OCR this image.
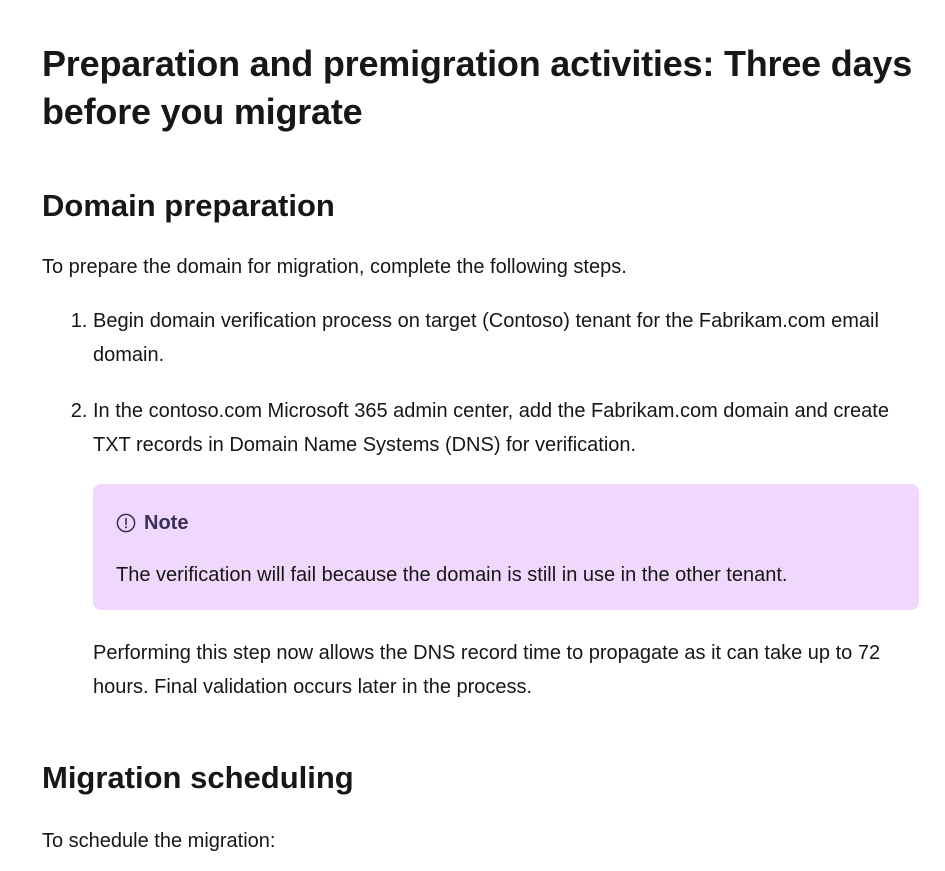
Preparation and premigration activities: Three days before you migrate
Domain preparation

To prepare the domain for migration, complete the following steps.

1. Begin domain verification process on target (Contoso) tenant for the Fabrikam.com email domain.
2. In the contoso.com Microsoft 365 admin center, add the Fabrikam.com domain and create TXT records in Domain Name Systems (DNS) for verification.
Note
The verification will fail because the domain is still in use in the other tenant.

Performing this step now allows the DNS record time to propagate as it can take up to 72 hours. Final validation occurs later in the process.

Migration scheduling

To schedule the migration:
